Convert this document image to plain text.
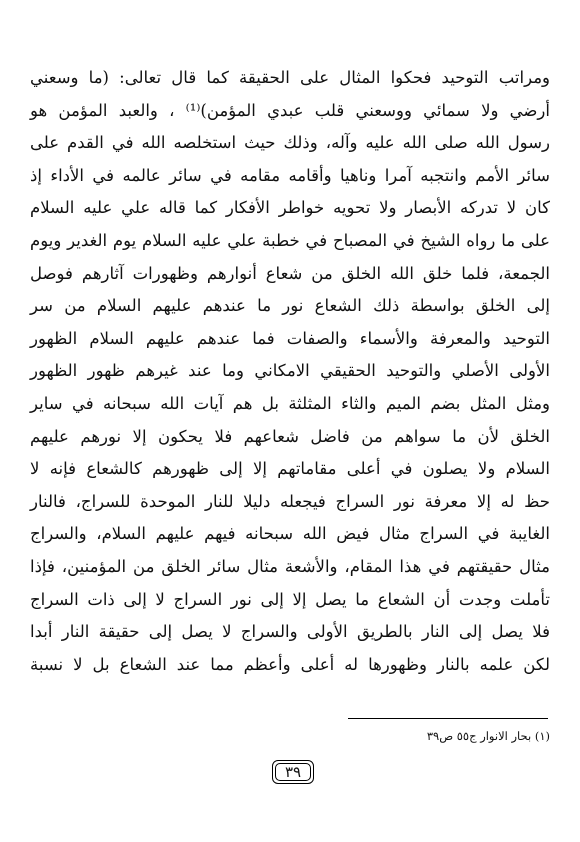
ومراتب التوحيد فحكوا المثال على الحقيقة كما قال تعالى: (ما وسعني
أرضي ولا سمائي ووسعني قلب عبدي المؤمن)⁽¹⁾ ، والعبد المؤمن هو
رسول الله صلى الله عليه وآله، وذلك حيث استخلصه الله في القدم على
سائر الأمم وانتجبه آمرا وناهيا وأقامه مقامه في سائر عالمه في الأداء إذ
كان لا تدركه الأبصار ولا تحويه خواطر الأفكار كما قاله علي عليه السلام
على ما رواه الشيخ في المصباح في خطبة علي عليه السلام يوم الغدير ويوم
الجمعة، فلما خلق الله الخلق من شعاع أنوارهم وظهورات آثارهم فوصل
إلى الخلق بواسطة ذلك الشعاع نور ما عندهم عليهم السلام من سر
التوحيد والمعرفة والأسماء والصفات فما عندهم عليهم السلام الظهور
الأولى الأصلي والتوحيد الحقيقي الامكاني وما عند غيرهم ظهور الظهور
ومثل المثل بضم الميم والثاء المثلثة بل هم آيات الله سبحانه في ساير
الخلق لأن ما سواهم من فاضل شعاعهم فلا يحكون إلا نورهم عليهم
السلام ولا يصلون في أعلى مقاماتهم إلا إلى ظهورهم كالشعاع فإنه لا
حظ له إلا معرفة نور السراج فيجعله دليلا للنار الموحدة للسراج، فالنار
الغايبة في السراج مثال فيض الله سبحانه فيهم عليهم السلام، والسراج
مثال حقيقتهم في هذا المقام، والأشعة مثال سائر الخلق من المؤمنين، فإذا
تأملت وجدت أن الشعاع ما يصل إلا إلى نور السراج لا إلى ذات السراج
فلا يصل إلى النار بالطريق الأولى والسراج لا يصل إلى حقيقة النار أبدا
لكن علمه بالنار وظهورها له أعلى وأعظم مما عند الشعاع بل لا نسبة
(١) بحار الانوار ج٥٥ ص٣٩
٣٩
